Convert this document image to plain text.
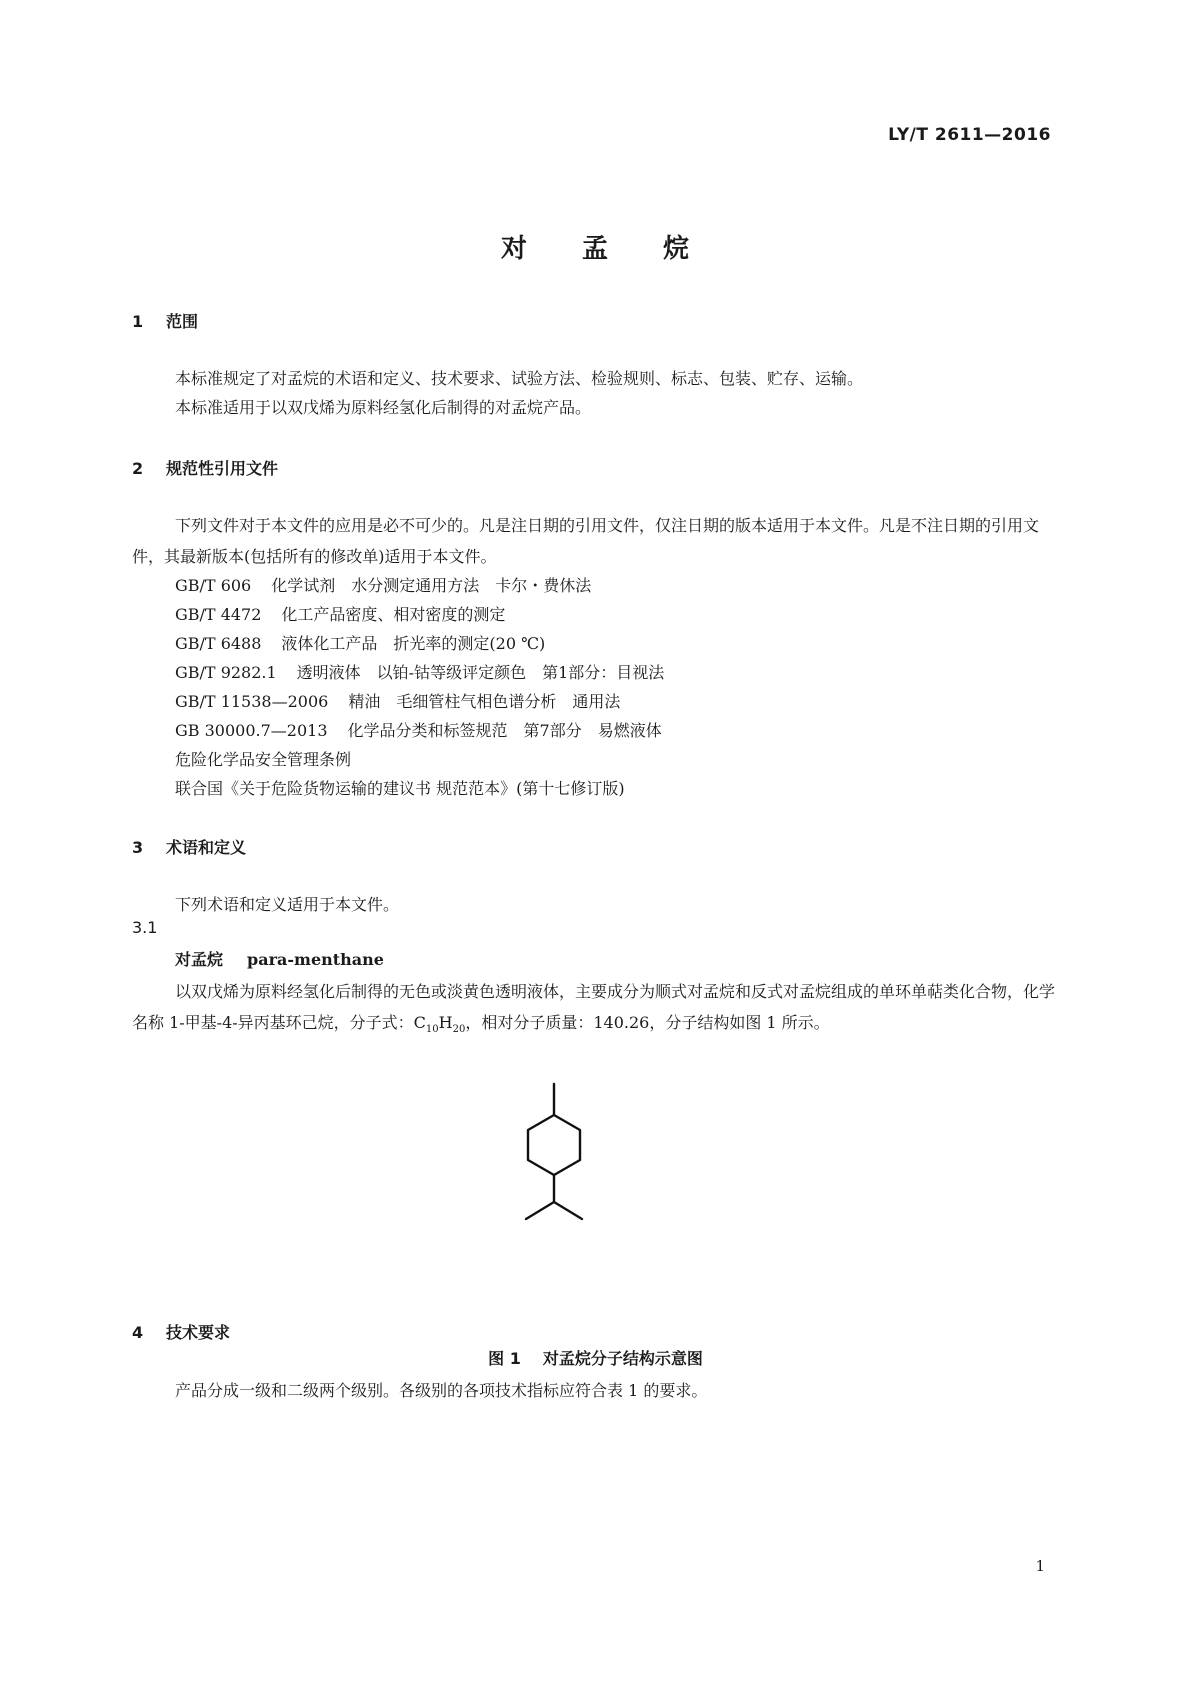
LY/T 2611—2016
对 孟 烷
1 范围
本标准规定了对孟烷的术语和定义、技术要求、试验方法、检验规则、标志、包装、贮存、运输。
本标准适用于以双戊烯为原料经氢化后制得的对孟烷产品。
2 规范性引用文件
下列文件对于本文件的应用是必不可少的。凡是注日期的引用文件，仅注日期的版本适用于本文件。凡是不注日期的引用文件，其最新版本(包括所有的修改单)适用于本文件。
GB/T 606 化学试剂　水分测定通用方法　卡尔・费休法
GB/T 4472 化工产品密度、相对密度的测定
GB/T 6488 液体化工产品　折光率的测定(20 ℃)
GB/T 9282.1 透明液体　以铂-钴等级评定颜色　第1部分：目视法
GB/T 11538—2006 精油　毛细管柱气相色谱分析　通用法
GB 30000.7—2013 化学品分类和标签规范　第7部分　易燃液体
危险化学品安全管理条例
联合国《关于危险货物运输的建议书 规范范本》(第十七修订版)
3 术语和定义
下列术语和定义适用于本文件。
3.1
对孟烷 para-menthane
以双戊烯为原料经氢化后制得的无色或淡黄色透明液体，主要成分为顺式对孟烷和反式对孟烷组成的单环单萜类化合物，化学名称 1-甲基-4-异丙基环己烷，分子式：$C_{10}H_{20}$，相对分子质量：140.26，分子结构如图 1 所示。
图 1 对孟烷分子结构示意图
4 技术要求
产品分成一级和二级两个级别。各级别的各项技术指标应符合表 1 的要求。
1
